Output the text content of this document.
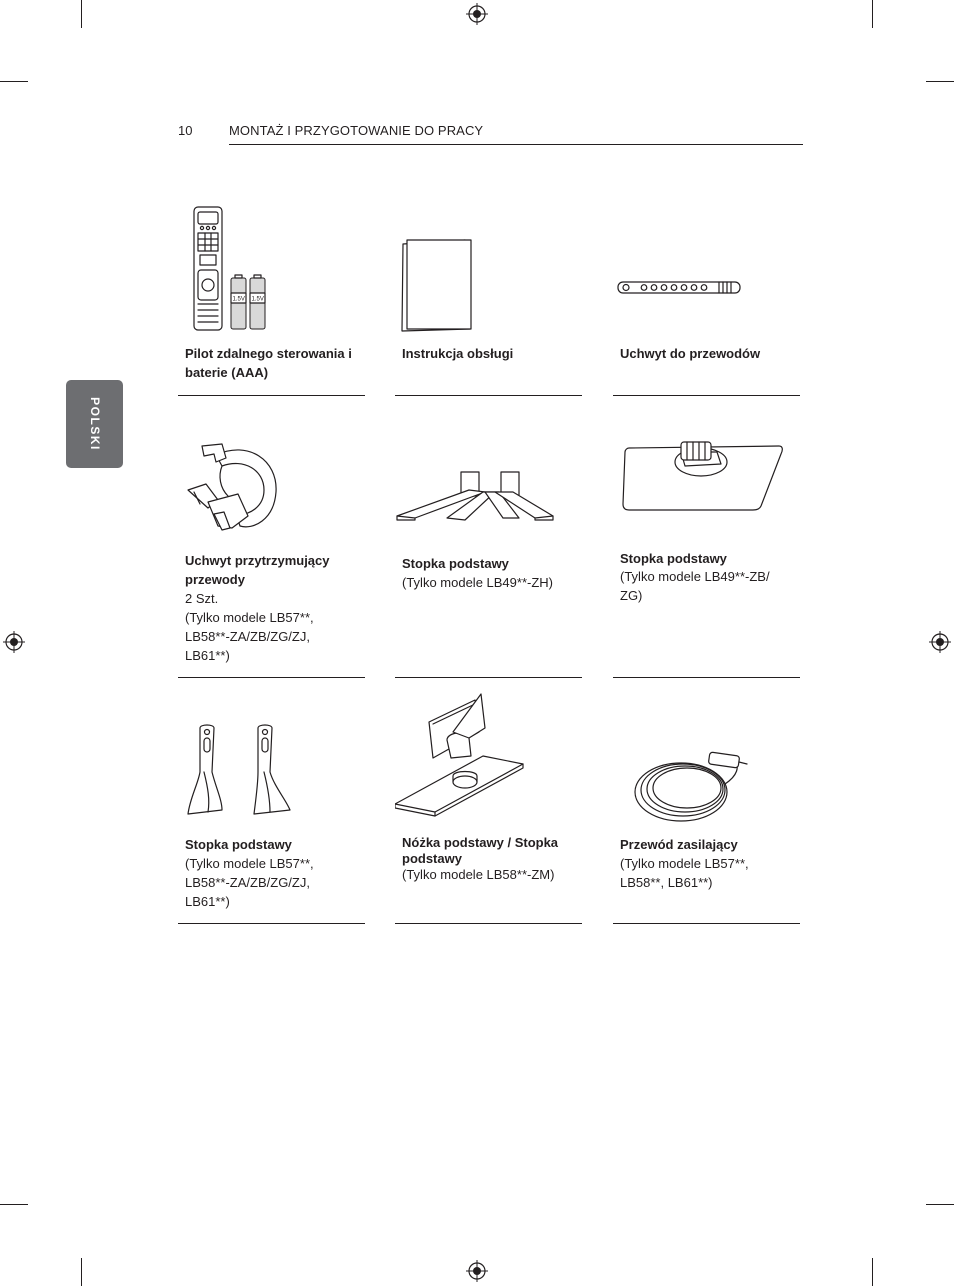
10	MONTAŻ I PRZYGOTOWANIE DO PRACY
POLSKI
1.5V 1.5V
Pilot zdalnego sterowania i baterie (AAA)
Instrukcja obsługi	Uchwyt do przewodów
Uchwyt przytrzymujący przewody
2 Szt.
(Tylko modele LB57**,
LB58**-ZA/ZB/ZG/ZJ,
LB61**)
Stopka podstawy
(Tylko modele LB49**-ZH)
Stopka podstawy
(Tylko modele LB49**-ZB/
ZG)
Stopka podstawy
(Tylko modele LB57**,
LB58**-ZA/ZB/ZG/ZJ,
LB61**)
Nóżka podstawy / Stopka podstawy
(Tylko modele LB58**-ZM)
Przewód zasilający
(Tylko modele LB57**,
LB58**, LB61**)
